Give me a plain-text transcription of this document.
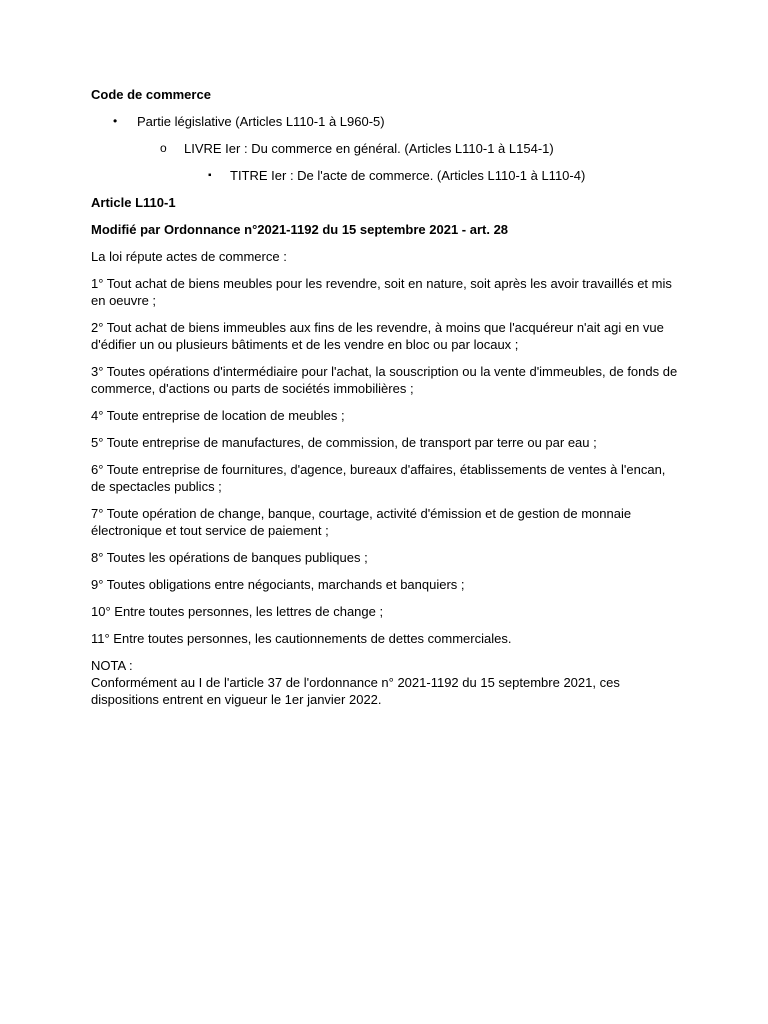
Code de commerce

• Partie législative (Articles L110-1 à L960-5)
o LIVRE Ier : Du commerce en général. (Articles L110-1 à L154-1)
▪ TITRE Ier : De l'acte de commerce. (Articles L110-1 à L110-4)

Article L110-1

Modifié par Ordonnance n°2021-1192 du 15 septembre 2021 - art. 28

La loi répute actes de commerce :

1° Tout achat de biens meubles pour les revendre, soit en nature, soit après les avoir travaillés et mis en oeuvre ;

2° Tout achat de biens immeubles aux fins de les revendre, à moins que l'acquéreur n'ait agi en vue d'édifier un ou plusieurs bâtiments et de les vendre en bloc ou par locaux ;

3° Toutes opérations d'intermédiaire pour l'achat, la souscription ou la vente d'immeubles, de fonds de commerce, d'actions ou parts de sociétés immobilières ;

4° Toute entreprise de location de meubles ;

5° Toute entreprise de manufactures, de commission, de transport par terre ou par eau ;

6° Toute entreprise de fournitures, d'agence, bureaux d'affaires, établissements de ventes à l'encan, de spectacles publics ;

7° Toute opération de change, banque, courtage, activité d'émission et de gestion de monnaie électronique et tout service de paiement ;

8° Toutes les opérations de banques publiques ;

9° Toutes obligations entre négociants, marchands et banquiers ;

10° Entre toutes personnes, les lettres de change ;

11° Entre toutes personnes, les cautionnements de dettes commerciales.

NOTA :
Conformément au I de l'article 37 de l'ordonnance n° 2021-1192 du 15 septembre 2021, ces dispositions entrent en vigueur le 1er janvier 2022.
